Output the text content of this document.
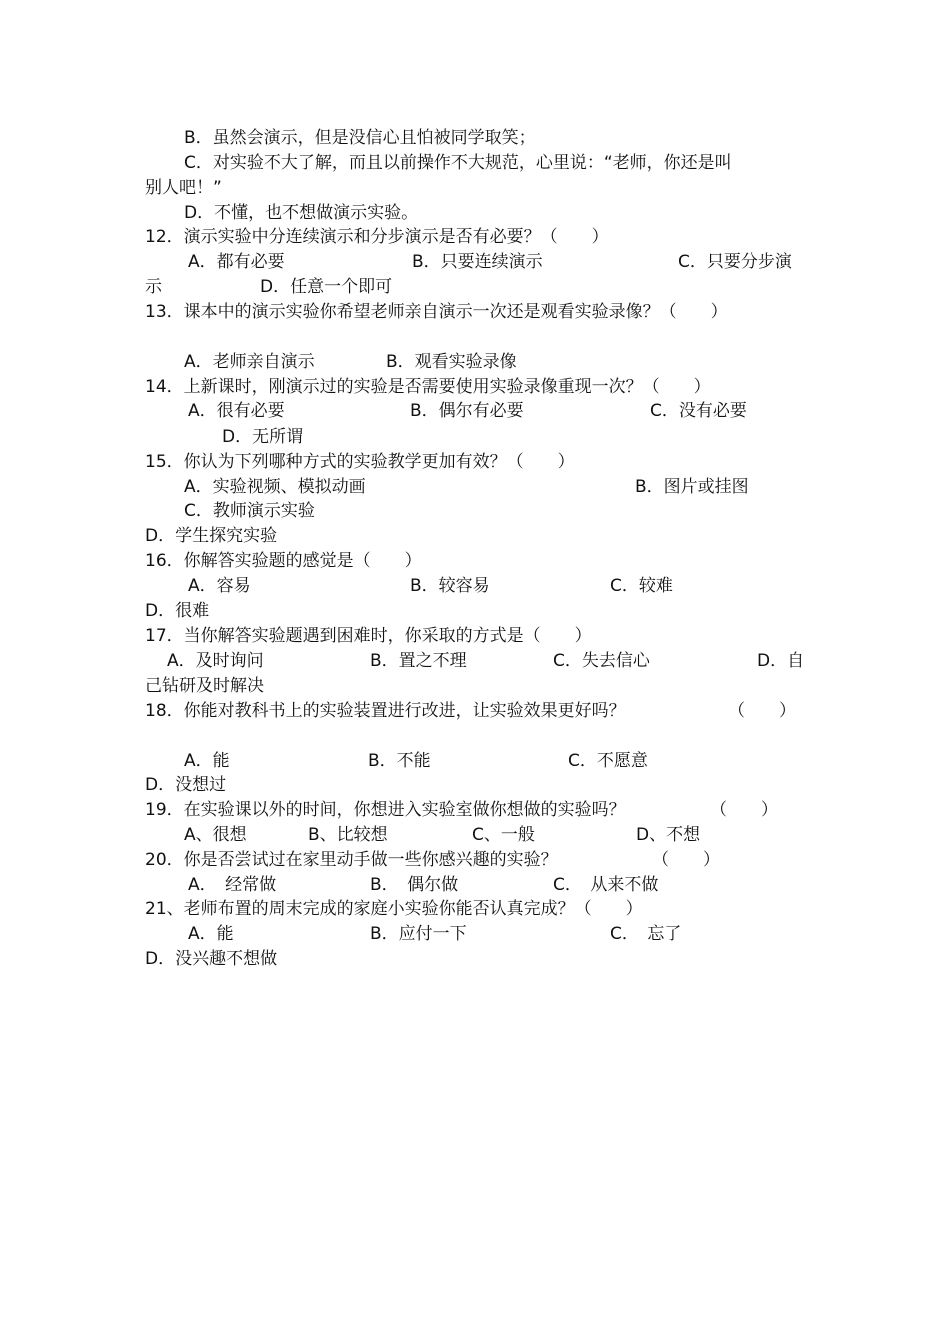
B．虽然会演示，但是没信心且怕被同学取笑；
C．对实验不大了解，而且以前操作不大规范，心里说：“老师，你还是叫
别人吧！”
D．不懂，也不想做演示实验。
12．演示实验中分连续演示和分步演示是否有必要？（　　）
A．都有必要	B．只要连续演示	C．只要分步演
示	D．任意一个即可
13．课本中的演示实验你希望老师亲自演示一次还是观看实验录像？（　　）
A．老师亲自演示	B．观看实验录像
14．上新课时，刚演示过的实验是否需要使用实验录像重现一次？（　　）
A．很有必要	B．偶尔有必要	C．没有必要
D．无所谓
15．你认为下列哪种方式的实验教学更加有效？（　　）
A．实验视频、模拟动画	B．图片或挂图
C．教师演示实验
D．学生探究实验
16．你解答实验题的感觉是（　　）
A．容易	B．较容易	C．较难
D．很难
17．当你解答实验题遇到困难时，你采取的方式是（　　）
A．及时询问	B．置之不理	C．失去信心	D．自
己钻研及时解决
18．你能对教科书上的实验装置进行改进，让实验效果更好吗？	（　　）
A．能	B．不能	C．不愿意
D．没想过
19．在实验课以外的时间，你想进入实验室做你想做的实验吗？	（　　）
A、很想	B、比较想	C、一般	D、不想
20．你是否尝试过在家里动手做一些你感兴趣的实验？	（　　）
A．　经常做	B．　偶尔做	C．　从来不做
21、老师布置的周末完成的家庭小实验你能否认真完成？（　　）
A．能	B．应付一下	C．　忘了
D．没兴趣不想做
